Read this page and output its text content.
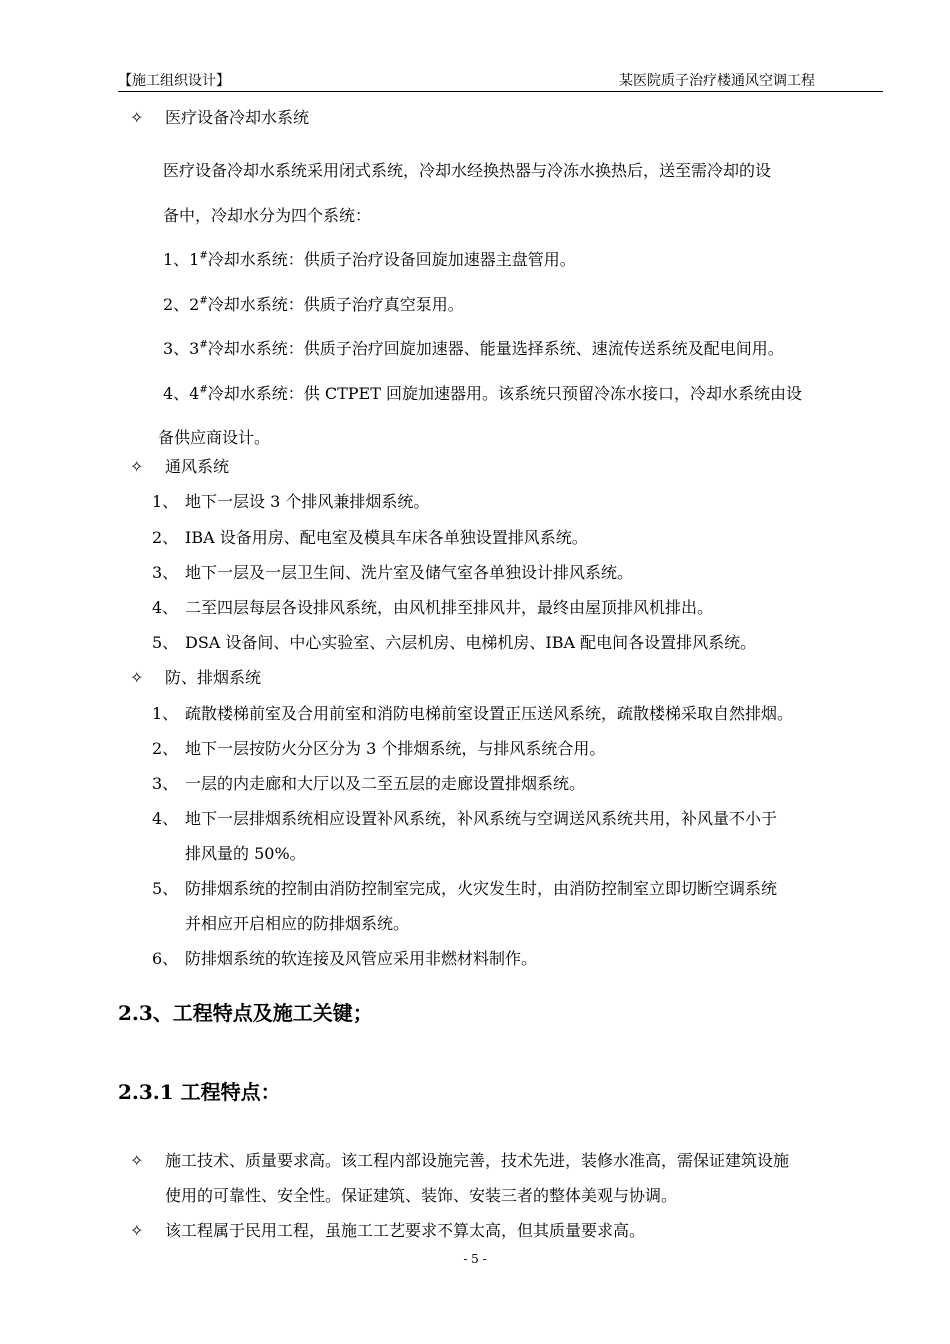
【施工组织设计】	某医院质子治疗楼通风空调工程
✧ 医疗设备冷却水系统
医疗设备冷却水系统采用闭式系统，冷却水经换热器与冷冻水换热后，送至需冷却的设
备中，冷却水分为四个系统：
1、1#冷却水系统：供质子治疗设备回旋加速器主盘管用。
2、2#冷却水系统：供质子治疗真空泵用。
3、3#冷却水系统：供质子治疗回旋加速器、能量选择系统、速流传送系统及配电间用。
4、4#冷却水系统：供 CTPET 回旋加速器用。该系统只预留冷冻水接口，冷却水系统由设
备供应商设计。
✧ 通风系统
1、 地下一层设 3 个排风兼排烟系统。
2、 IBA 设备用房、配电室及模具车床各单独设置排风系统。
3、 地下一层及一层卫生间、洗片室及储气室各单独设计排风系统。
4、 二至四层每层各设排风系统，由风机排至排风井，最终由屋顶排风机排出。
5、 DSA 设备间、中心实验室、六层机房、电梯机房、IBA 配电间各设置排风系统。
✧ 防、排烟系统
1、 疏散楼梯前室及合用前室和消防电梯前室设置正压送风系统，疏散楼梯采取自然排烟。
2、 地下一层按防火分区分为 3 个排烟系统，与排风系统合用。
3、 一层的内走廊和大厅以及二至五层的走廊设置排烟系统。
4、 地下一层排烟系统相应设置补风系统，补风系统与空调送风系统共用，补风量不小于
排风量的 50%。
5、 防排烟系统的控制由消防控制室完成，火灾发生时，由消防控制室立即切断空调系统
并相应开启相应的防排烟系统。
6、 防排烟系统的软连接及风管应采用非燃材料制作。
2.3、工程特点及施工关键；
2.3.1 工程特点：
✧ 施工技术、质量要求高。该工程内部设施完善，技术先进，装修水准高，需保证建筑设施
使用的可靠性、安全性。保证建筑、装饰、安装三者的整体美观与协调。
✧ 该工程属于民用工程，虽施工工艺要求不算太高，但其质量要求高。
- 5 -
